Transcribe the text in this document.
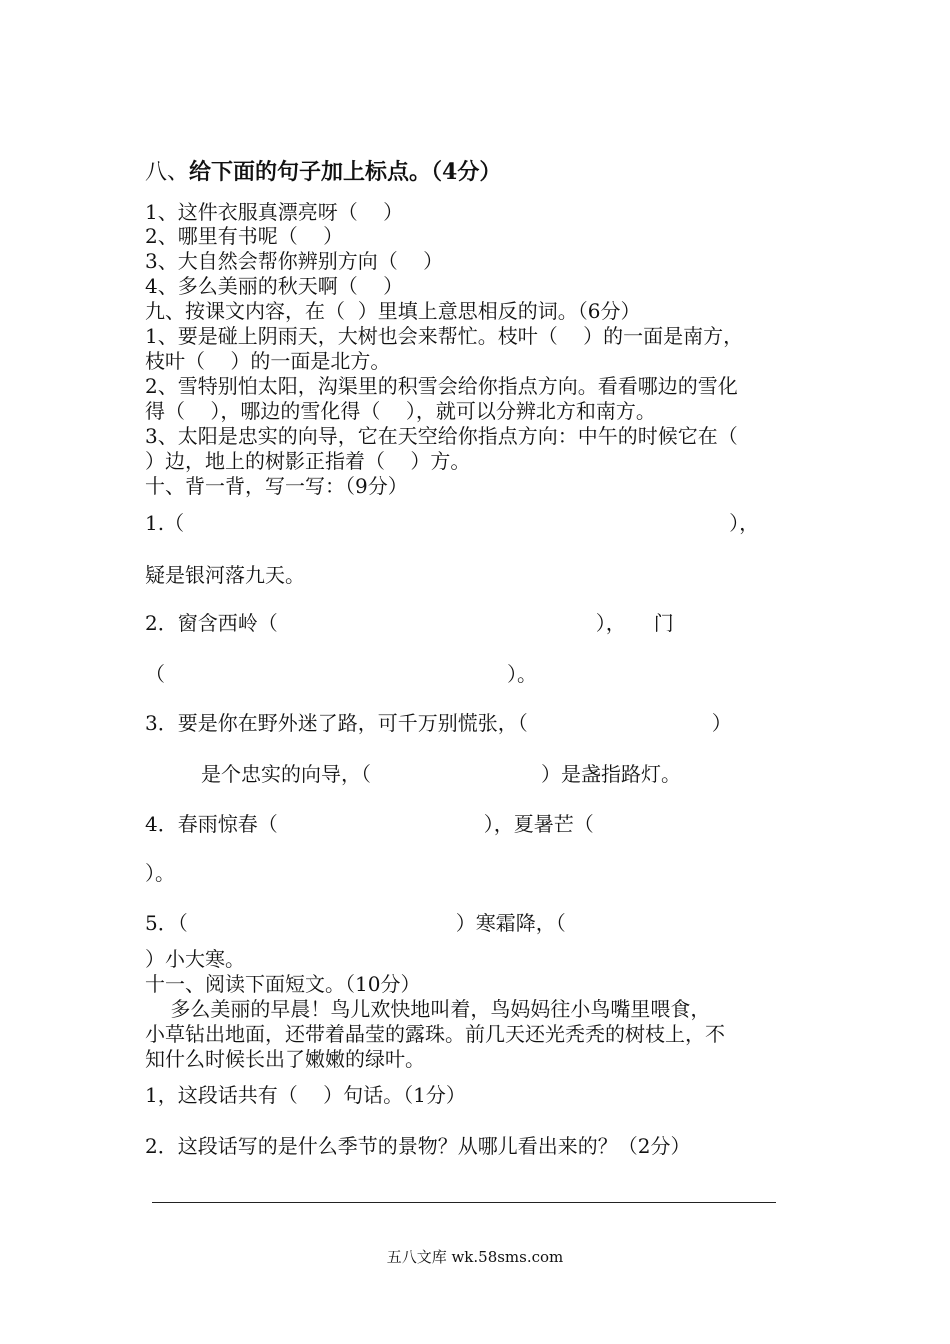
八、给下面的句子加上标点。（4分）
1、这件衣服真漂亮呀（    ）
2、哪里有书呢（    ）
3、大自然会帮你辨别方向（    ）
4、多么美丽的秋天啊（    ）
九、按课文内容，在（  ）里填上意思相反的词。（6分）
1、要是碰上阴雨天，大树也会来帮忙。枝叶（    ）的一面是南方，
枝叶（    ）的一面是北方。
2、雪特别怕太阳，沟渠里的积雪会给你指点方向。看看哪边的雪化
得（    ），哪边的雪化得（    ），就可以分辨北方和南方。
3、太阳是忠实的向导，它在天空给你指点方向：中午的时候它在（
）边，地上的树影正指着（    ）方。
十、背一背，写一写：（9分）
1.（	），
疑是银河落九天。
2．窗含西岭（	）， 门
（	）。
3．要是你在野外迷了路，可千万别慌张，（	）
是个忠实的向导，（	）是盏指路灯。
4．春雨惊春（	），夏暑芒（
）。
5．（	）寒霜降，（
）小大寒。
十一、阅读下面短文。（10分）
多么美丽的早晨！鸟儿欢快地叫着，鸟妈妈往小鸟嘴里喂食，
小草钻出地面，还带着晶莹的露珠。前几天还光秃秃的树枝上，不
知什么时候长出了嫩嫩的绿叶。
1，这段话共有（    ）句话。（1分）
2．这段话写的是什么季节的景物？从哪儿看出来的？（2分）
五八文库 wk.58sms.com
